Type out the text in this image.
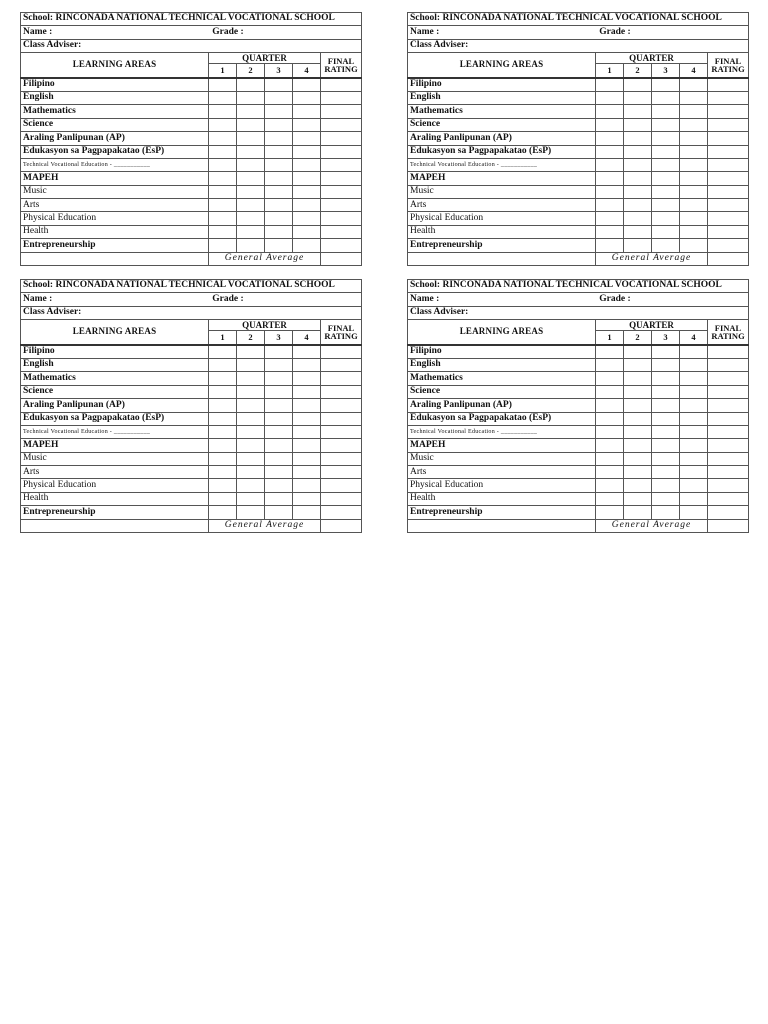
School: RINCONADA NATIONAL TECHNICAL VOCATIONAL SCHOOL					
Name : Grade :					
Class Adviser:					
LEARNING AREAS	QUARTER				FINAL
RATING

	1	2	3	4	
Filipino					
English					
Mathematics					
Science					
Araling Panlipunan (AP)					
Edukasyon sa Pagpapakatao (EsP)					
Technical Vocational Education - ___________					
MAPEH					
Music					
Arts					
Physical Education					
Health					
Entrepreneurship					
	General Average				
School: RINCONADA NATIONAL TECHNICAL VOCATIONAL SCHOOL					
Name : Grade :					
Class Adviser:					
LEARNING AREAS	QUARTER				FINAL
RATING

	1	2	3	4	
Filipino					
English					
Mathematics					
Science					
Araling Panlipunan (AP)					
Edukasyon sa Pagpapakatao (EsP)					
Technical Vocational Education - ___________					
MAPEH					
Music					
Arts					
Physical Education					
Health					
Entrepreneurship					
	General Average				
School: RINCONADA NATIONAL TECHNICAL VOCATIONAL SCHOOL					
Name : Grade :					
Class Adviser:					
LEARNING AREAS	QUARTER				FINAL
RATING

	1	2	3	4	
Filipino					
English					
Mathematics					
Science					
Araling Panlipunan (AP)					
Edukasyon sa Pagpapakatao (EsP)					
Technical Vocational Education - ___________					
MAPEH					
Music					
Arts					
Physical Education					
Health					
Entrepreneurship					
	General Average				
School: RINCONADA NATIONAL TECHNICAL VOCATIONAL SCHOOL					
Name : Grade :					
Class Adviser:					
LEARNING AREAS	QUARTER				FINAL
RATING

	1	2	3	4	
Filipino					
English					
Mathematics					
Science					
Araling Panlipunan (AP)					
Edukasyon sa Pagpapakatao (EsP)					
Technical Vocational Education - ___________					
MAPEH					
Music					
Arts					
Physical Education					
Health					
Entrepreneurship					
	General Average				
